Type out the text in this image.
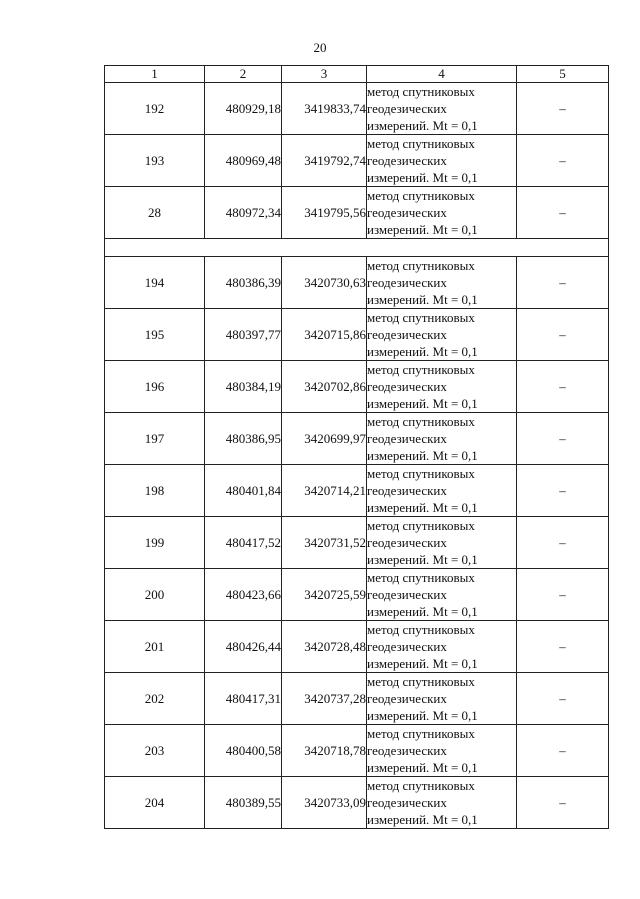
20
1	2	3	4	5
192	480929,18	3419833,74	метод спутниковых
геодезических
измерений. Mt = 0,1	–
193	480969,48	3419792,74	метод спутниковых
геодезических
измерений. Mt = 0,1	–
28	480972,34	3419795,56	метод спутниковых
геодезических
измерений. Mt = 0,1	–

194	480386,39	3420730,63	метод спутниковых
геодезических
измерений. Mt = 0,1	–
195	480397,77	3420715,86	метод спутниковых
геодезических
измерений. Mt = 0,1	–
196	480384,19	3420702,86	метод спутниковых
геодезических
измерений. Mt = 0,1	–
197	480386,95	3420699,97	метод спутниковых
геодезических
измерений. Mt = 0,1	–
198	480401,84	3420714,21	метод спутниковых
геодезических
измерений. Mt = 0,1	–
199	480417,52	3420731,52	метод спутниковых
геодезических
измерений. Mt = 0,1	–
200	480423,66	3420725,59	метод спутниковых
геодезических
измерений. Mt = 0,1	–
201	480426,44	3420728,48	метод спутниковых
геодезических
измерений. Mt = 0,1	–
202	480417,31	3420737,28	метод спутниковых
геодезических
измерений. Mt = 0,1	–
203	480400,58	3420718,78	метод спутниковых
геодезических
измерений. Mt = 0,1	–
204	480389,55	3420733,09	метод спутниковых
геодезических
измерений. Mt = 0,1	–
